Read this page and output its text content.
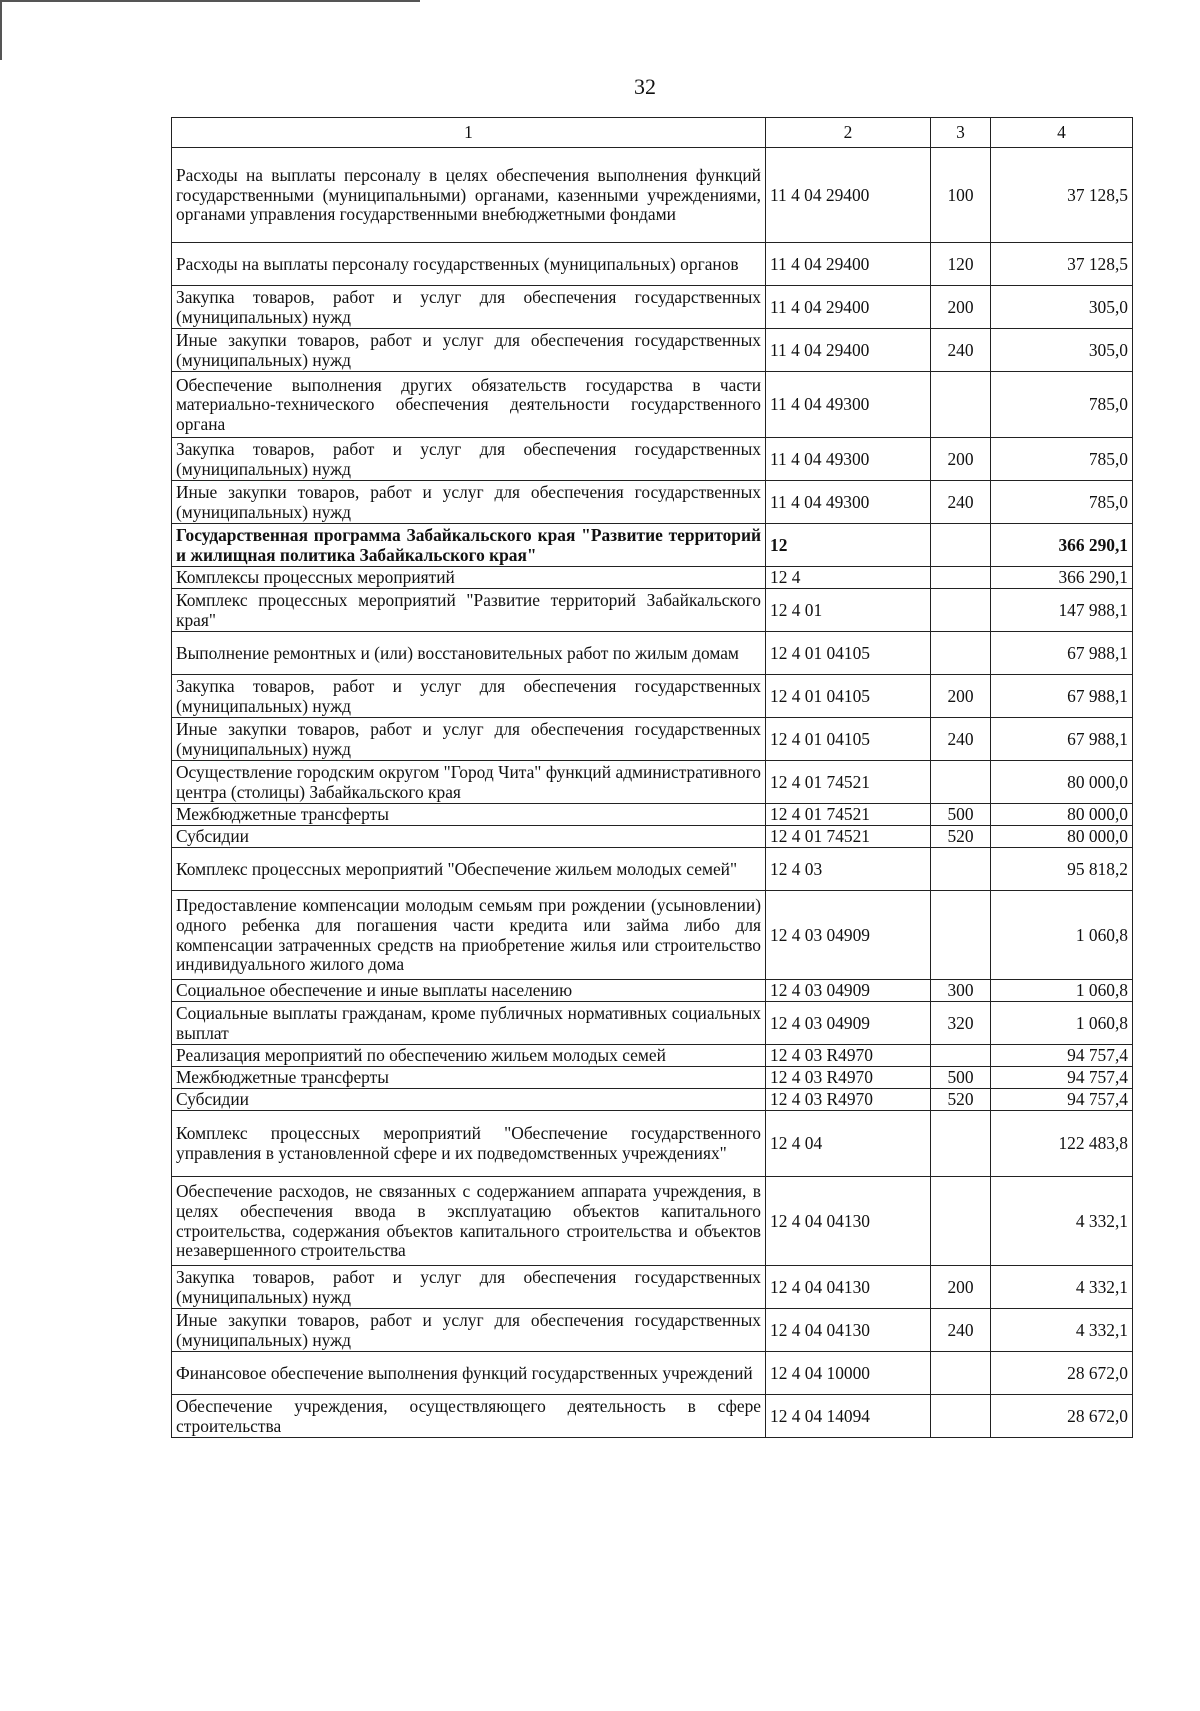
32
1	2	3	4
Расходы на выплаты персоналу в целях обеспечения выполнения функций государственными (муниципальными) органами, казенными учреждениями, органами управления государственными внебюджетными фондами	11 4 04 29400	100	37 128,5
Расходы на выплаты персоналу государственных (муниципальных) органов	11 4 04 29400	120	37 128,5
Закупка товаров, работ и услуг для обеспечения государственных (муниципальных) нужд	11 4 04 29400	200	305,0
Иные закупки товаров, работ и услуг для обеспечения государственных (муниципальных) нужд	11 4 04 29400	240	305,0
Обеспечение выполнения других обязательств государства в части материально-технического обеспечения деятельности государственного органа	11 4 04 49300		785,0
Закупка товаров, работ и услуг для обеспечения государственных (муниципальных) нужд	11 4 04 49300	200	785,0
Иные закупки товаров, работ и услуг для обеспечения государственных (муниципальных) нужд	11 4 04 49300	240	785,0
Государственная программа Забайкальского края "Развитие территорий и жилищная политика Забайкальского края"	12		366 290,1
Комплексы процессных мероприятий	12 4		366 290,1
Комплекс процессных мероприятий "Развитие территорий Забайкальского края"	12 4 01		147 988,1
Выполнение ремонтных и (или) восстановительных работ по жилым домам	12 4 01 04105		67 988,1
Закупка товаров, работ и услуг для обеспечения государственных (муниципальных) нужд	12 4 01 04105	200	67 988,1
Иные закупки товаров, работ и услуг для обеспечения государственных (муниципальных) нужд	12 4 01 04105	240	67 988,1
Осуществление городским округом "Город Чита" функций административного центра (столицы) Забайкальского края	12 4 01 74521		80 000,0
Межбюджетные трансферты	12 4 01 74521	500	80 000,0
Субсидии	12 4 01 74521	520	80 000,0
Комплекс процессных мероприятий "Обеспечение жильем молодых семей"	12 4 03		95 818,2
Предоставление компенсации молодым семьям при рождении (усыновлении) одного ребенка для погашения части кредита или займа либо для компенсации затраченных средств на приобретение жилья или строительство индивидуального жилого дома	12 4 03 04909		1 060,8
Социальное обеспечение и иные выплаты населению	12 4 03 04909	300	1 060,8
Социальные выплаты гражданам, кроме публичных нормативных социальных выплат	12 4 03 04909	320	1 060,8
Реализация мероприятий по обеспечению жильем молодых семей	12 4 03 R4970		94 757,4
Межбюджетные трансферты	12 4 03 R4970	500	94 757,4
Субсидии	12 4 03 R4970	520	94 757,4
Комплекс процессных мероприятий "Обеспечение государственного управления в установленной сфере и их подведомственных учреждениях"	12 4 04		122 483,8
Обеспечение расходов, не связанных с содержанием аппарата учреждения, в целях обеспечения ввода в эксплуатацию объектов капитального строительства, содержания объектов капитального строительства и объектов незавершенного строительства	12 4 04 04130		4 332,1
Закупка товаров, работ и услуг для обеспечения государственных (муниципальных) нужд	12 4 04 04130	200	4 332,1
Иные закупки товаров, работ и услуг для обеспечения государственных (муниципальных) нужд	12 4 04 04130	240	4 332,1
Финансовое обеспечение выполнения функций государственных учреждений	12 4 04 10000		28 672,0
Обеспечение учреждения, осуществляющего деятельность в сфере строительства	12 4 04 14094		28 672,0
